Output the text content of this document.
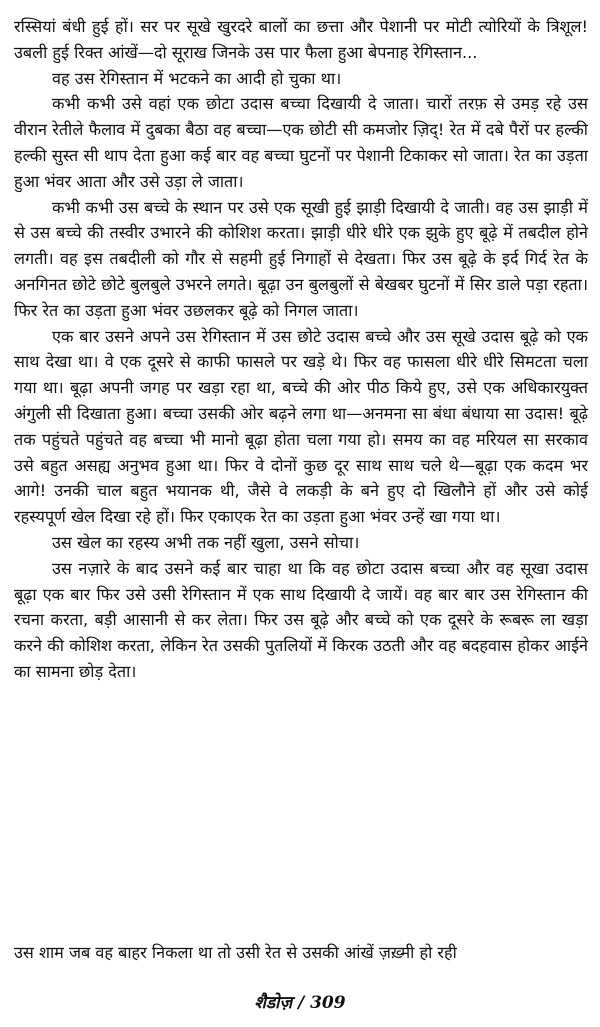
रस्सियां बंधी हुई हों। सर पर सूखे खुरदरे बालों का छत्ता और पेशानी पर मोटी त्योरियों के त्रिशूल! उबली हुई रिक्त आंखें—दो सूराख जिनके उस पार फैला हुआ बेपनाह रेगिस्तान...

वह उस रेगिस्तान में भटकने का आदी हो चुका था।

कभी कभी उसे वहां एक छोटा उदास बच्चा दिखायी दे जाता। चारों तरफ़ से उमड़ रहे उस वीरान रेतीले फैलाव में दुबका बैठा वह बच्चा—एक छोटी सी कमजोर ज़िद्! रेत में दबे पैरों पर हल्की हल्की सुस्त सी थाप देता हुआ कई बार वह बच्चा घुटनों पर पेशानी टिकाकर सो जाता। रेत का उड़ता हुआ भंवर आता और उसे उड़ा ले जाता।

कभी कभी उस बच्चे के स्थान पर उसे एक सूखी हुई झाड़ी दिखायी दे जाती। वह उस झाड़ी में से उस बच्चे की तस्वीर उभारने की कोशिश करता। झाड़ी धीरे धीरे एक झुके हुए बूढ़े में तबदील होने लगती। वह इस तबदीली को गौर से सहमी हुई निगाहों से देखता। फिर उस बूढ़े के इर्द गिर्द रेत के अनगिनत छोटे छोटे बुलबुले उभरने लगते। बूढ़ा उन बुलबुलों से बेखबर घुटनों में सिर डाले पड़ा रहता। फिर रेत का उड़ता हुआ भंवर उछलकर बूढ़े को निगल जाता।

एक बार उसने अपने उस रेगिस्तान में उस छोटे उदास बच्चे और उस सूखे उदास बूढ़े को एक साथ देखा था। वे एक दूसरे से काफी फासले पर खड़े थे। फिर वह फासला धीरे धीरे सिमटता चला गया था। बूढ़ा अपनी जगह पर खड़ा रहा था, बच्चे की ओर पीठ किये हुए, उसे एक अधिकारयुक्त अंगुली सी दिखाता हुआ। बच्चा उसकी ओर बढ़ने लगा था—अनमना सा बंधा बंधाया सा उदास! बूढ़े तक पहुंचते पहुंचते वह बच्चा भी मानो बूढ़ा होता चला गया हो। समय का वह मरियल सा सरकाव उसे बहुत असह्य अनुभव हुआ था। फिर वे दोनों कुछ दूर साथ साथ चले थे—बूढ़ा एक कदम भर आगे! उनकी चाल बहुत भयानक थी, जैसे वे लकड़ी के बने हुए दो खिलौने हों और उसे कोई रहस्यपूर्ण खेल दिखा रहे हों। फिर एकाएक रेत का उड़ता हुआ भंवर उन्हें खा गया था।

उस खेल का रहस्य अभी तक नहीं खुला, उसने सोचा।

उस नज़ारे के बाद उसने कई बार चाहा था कि वह छोटा उदास बच्चा और वह सूखा उदास बूढ़ा एक बार फिर उसे उसी रेगिस्तान में एक साथ दिखायी दे जायें। वह बार बार उस रेगिस्तान की रचना करता, बड़ी आसानी से कर लेता। फिर उस बूढ़े और बच्चे को एक दूसरे के रूबरू ला खड़ा करने की कोशिश करता, लेकिन रेत उसकी पुतलियों में किरक उठती और वह बदहवास होकर आईने का सामना छोड़ देता।

उस शाम जब वह बाहर निकला था तो उसी रेत से उसकी आंखें ज़ख़्मी हो रही
शैडोज़ / 309
